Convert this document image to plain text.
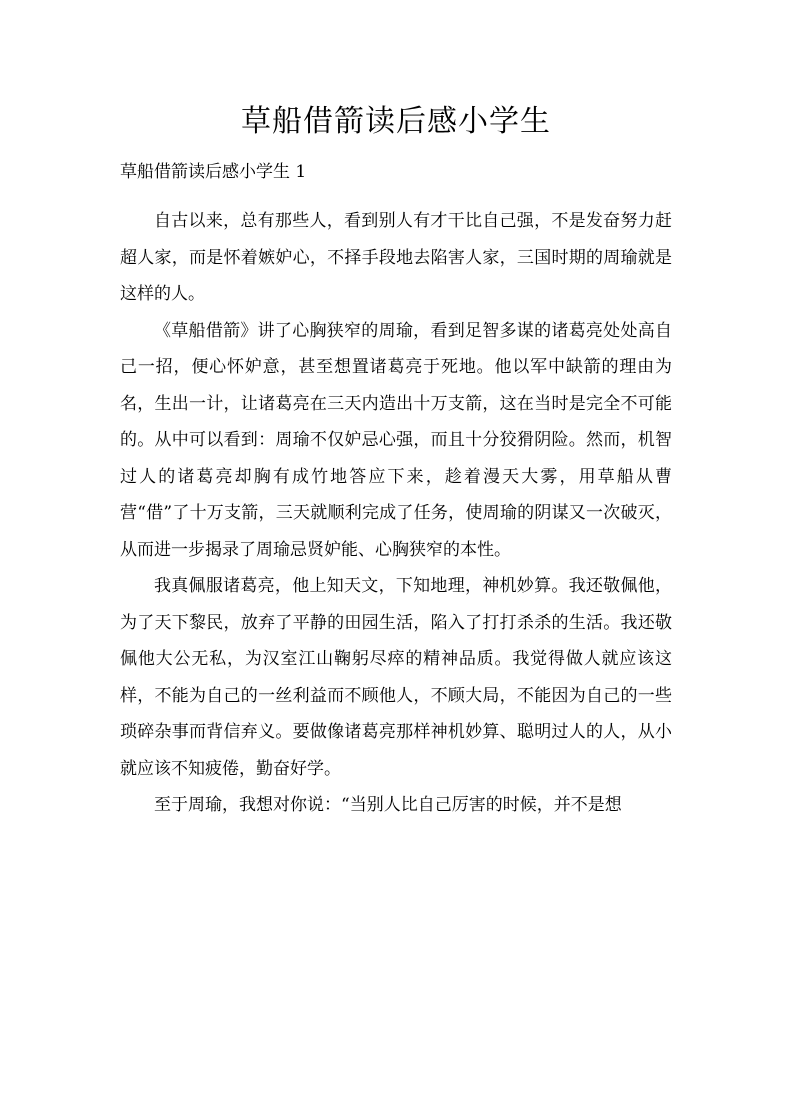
草船借箭读后感小学生

草船借箭读后感小学生 1

自古以来，总有那些人，看到别人有才干比自己强，不是发奋努力赶超人家，而是怀着嫉妒心，不择手段地去陷害人家，三国时期的周瑜就是这样的人。

《草船借箭》讲了心胸狭窄的周瑜，看到足智多谋的诸葛亮处处高自己一招，便心怀妒意，甚至想置诸葛亮于死地。他以军中缺箭的理由为名，生出一计，让诸葛亮在三天内造出十万支箭，这在当时是完全不可能的。从中可以看到：周瑜不仅妒忌心强，而且十分狡猾阴险。然而，机智过人的诸葛亮却胸有成竹地答应下来，趁着漫天大雾，用草船从曹营“借”了十万支箭，三天就顺利完成了任务，使周瑜的阴谋又一次破灭，从而进一步揭录了周瑜忌贤妒能、心胸狭窄的本性。

我真佩服诸葛亮，他上知天文，下知地理，神机妙算。我还敬佩他，为了天下黎民，放弃了平静的田园生活，陷入了打打杀杀的生活。我还敬佩他大公无私，为汉室江山鞠躬尽瘁的精神品质。我觉得做人就应该这样，不能为自己的一丝利益而不顾他人，不顾大局，不能因为自己的一些琐碎杂事而背信弃义。要做像诸葛亮那样神机妙算、聪明过人的人，从小就应该不知疲倦，勤奋好学。

至于周瑜，我想对你说：“当别人比自己厉害的时候，并不是想
